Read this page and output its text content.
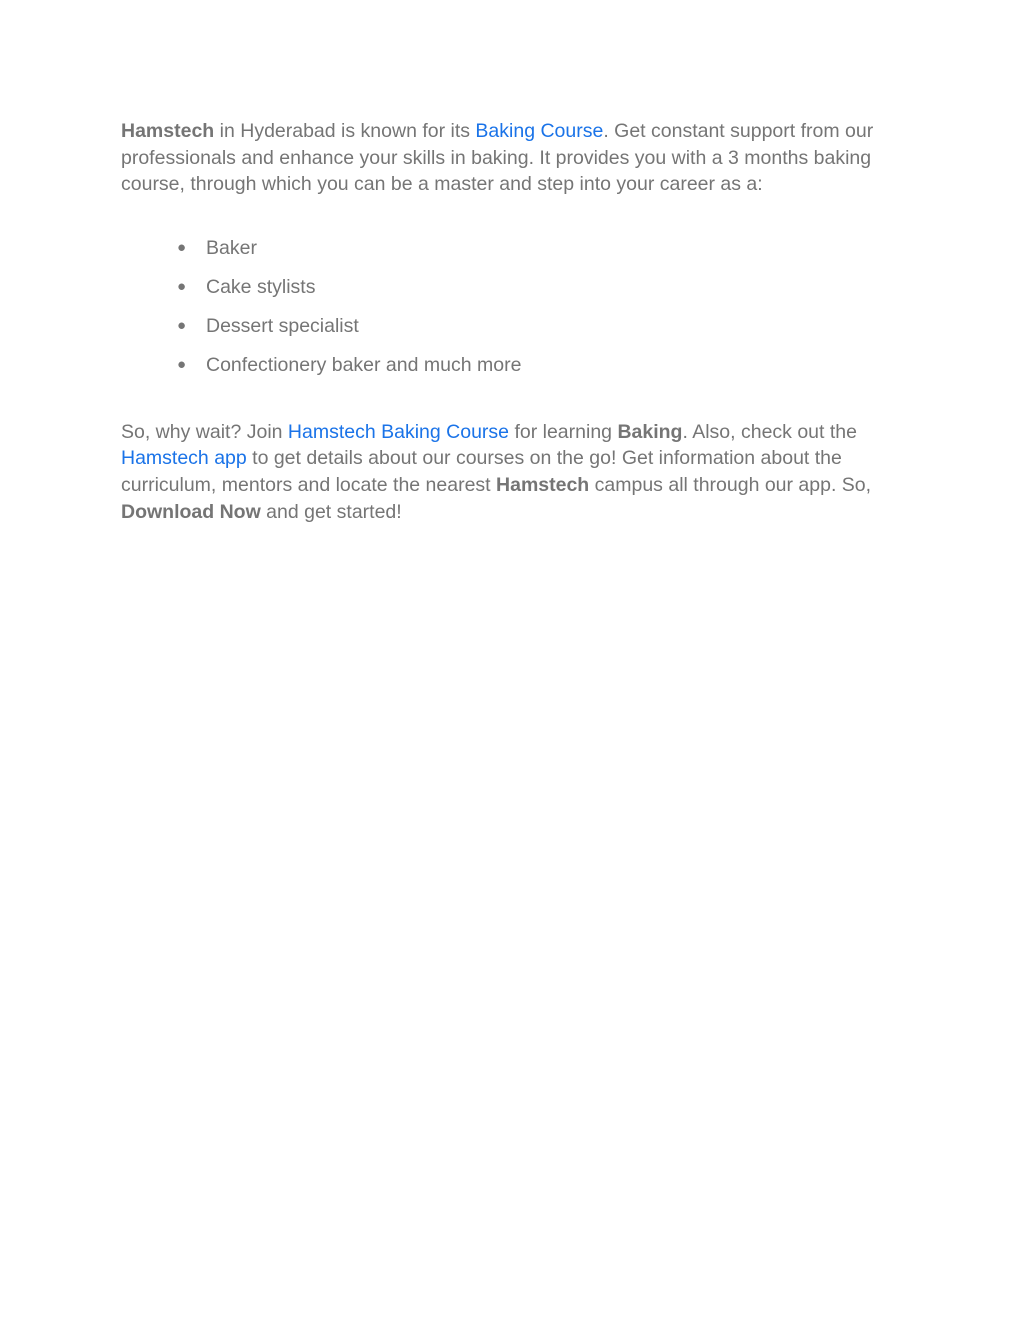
Hamstech in Hyderabad is known for its Baking Course. Get constant support from our professionals and enhance your skills in baking. It provides you with a 3 months baking course, through which you can be a master and step into your career as a:

● Baker
● Cake stylists
● Dessert specialist
● Confectionery baker and much more

So, why wait? Join Hamstech Baking Course for learning Baking. Also, check out the Hamstech app to get details about our courses on the go! Get information about the curriculum, mentors and locate the nearest Hamstech campus all through our app. So, Download Now and get started!
